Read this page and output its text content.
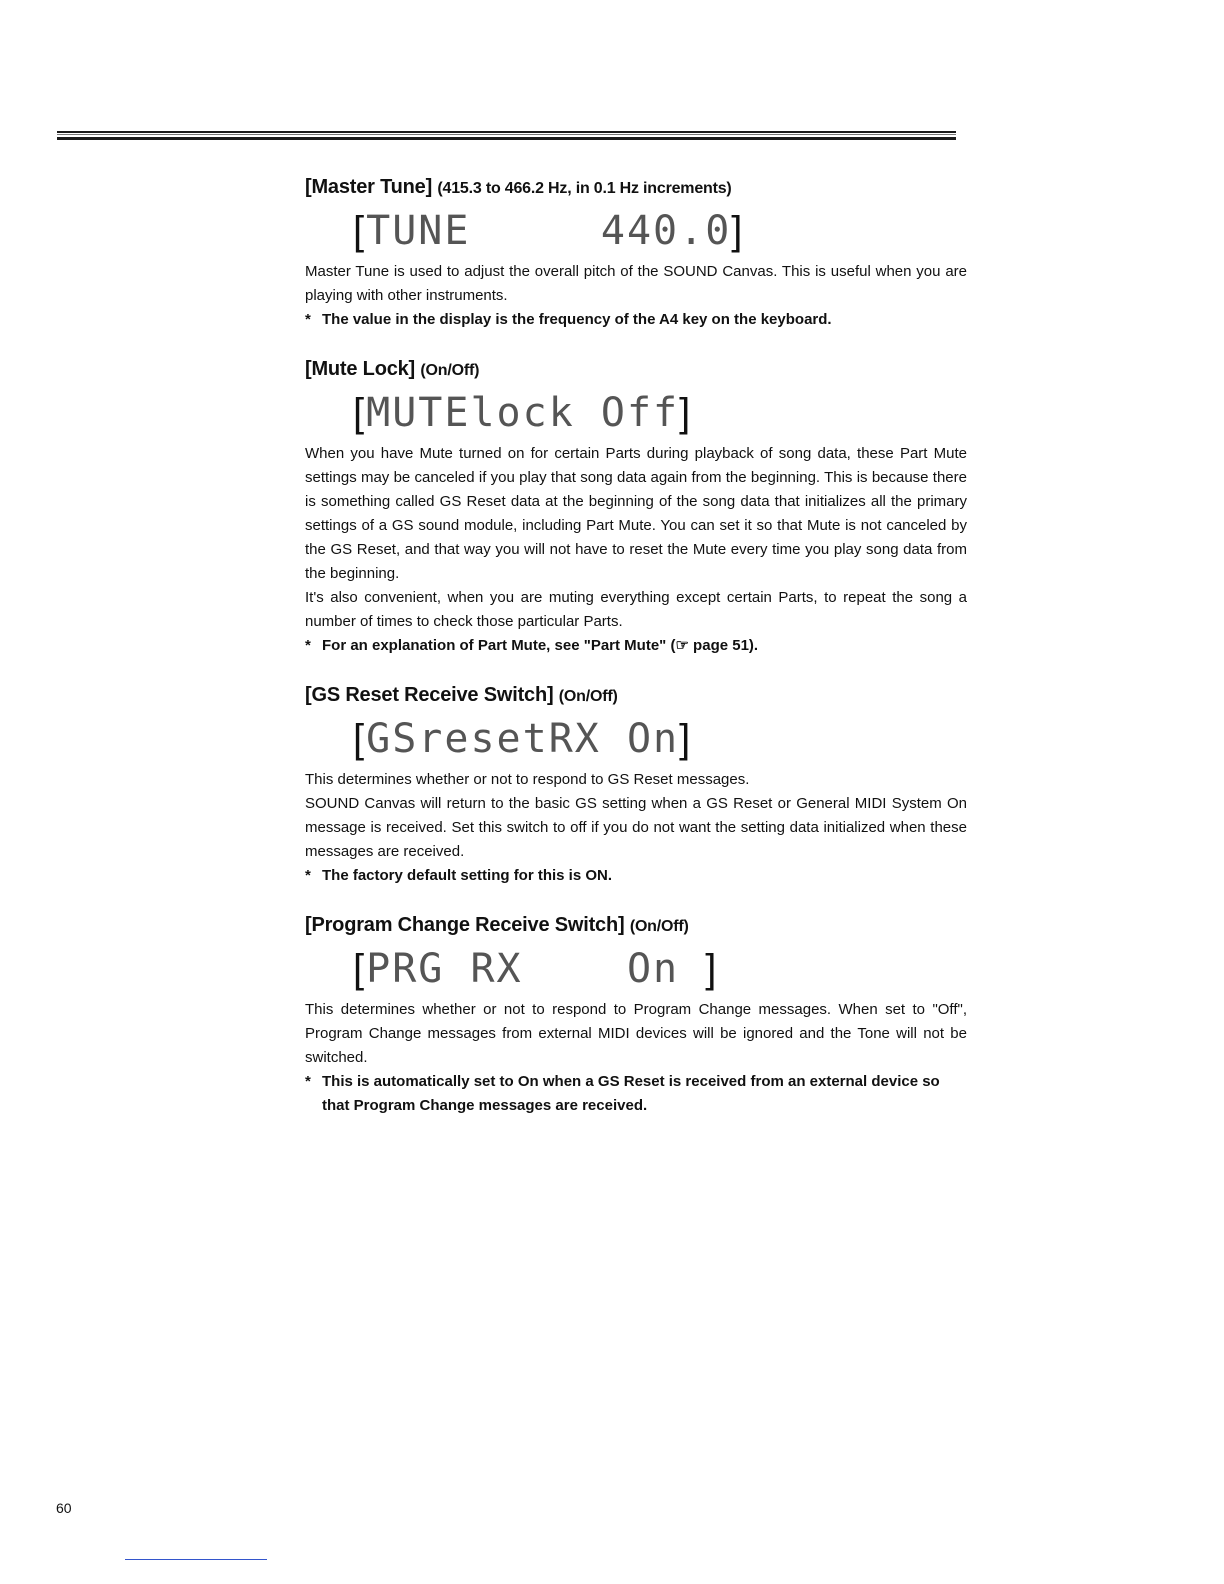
[Master Tune] (415.3 to 466.2 Hz, in 0.1 Hz increments)

[TUNE     440.0]

Master Tune is used to adjust the overall pitch of the SOUND Canvas. This is useful when you are playing with other instruments.

* The value in the display is the frequency of the A4 key on the keyboard.

[Mute Lock] (On/Off)

[MUTElock Off]

When you have Mute turned on for certain Parts during playback of song data, these Part Mute settings may be canceled if you play that song data again from the beginning. This is because there is something called GS Reset data at the beginning of the song data that initializes all the primary settings of a GS sound module, including Part Mute. You can set it so that Mute is not canceled by the GS Reset, and that way you will not have to reset the Mute every time you play song data from the beginning.

It's also convenient, when you are muting everything except certain Parts, to repeat the song a number of times to check those particular Parts.

* For an explanation of Part Mute, see "Part Mute" (☞ page 51).

[GS Reset Receive Switch] (On/Off)

[GSresetRX On]

This determines whether or not to respond to GS Reset messages.

SOUND Canvas will return to the basic GS setting when a GS Reset or General MIDI System On message is received. Set this switch to off if you do not want the setting data initialized when these messages are received.

* The factory default setting for this is ON.

[Program Change Receive Switch] (On/Off)

[PRG RX    On ]

This determines whether or not to respond to Program Change messages. When set to "Off", Program Change messages from external MIDI devices will be ignored and the Tone will not be switched.

* This is automatically set to On when a GS Reset is received from an external device so that Program Change messages are received.

60
